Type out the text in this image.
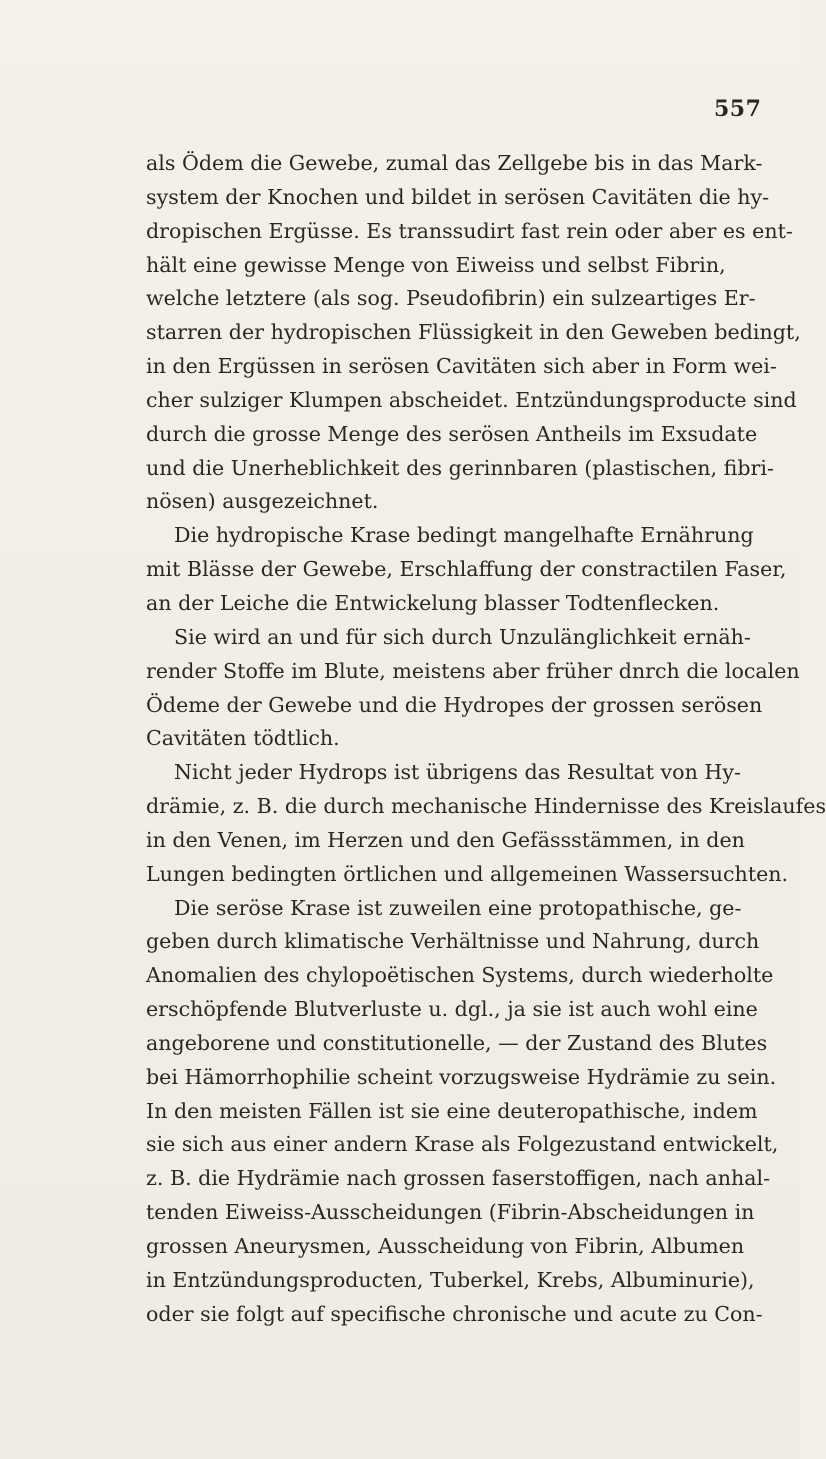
557
als Ödem die Gewebe, zumal das Zellgebe bis in das Mark-
system der Knochen und bildet in serösen Cavitäten die hy-
dropischen Ergüsse. Es transsudirt fast rein oder aber es ent-
hält eine gewisse Menge von Eiweiss und selbst Fibrin,
welche letztere (als sog. Pseudofibrin) ein sulzeartiges Er-
starren der hydropischen Flüssigkeit in den Geweben bedingt,
in den Ergüssen in serösen Cavitäten sich aber in Form wei-
cher sulziger Klumpen abscheidet. Entzündungsproducte sind
durch die grosse Menge des serösen Antheils im Exsudate
und die Unerheblichkeit des gerinnbaren (plastischen, fibri-
nösen) ausgezeichnet.
Die hydropische Krase bedingt mangelhafte Ernährung
mit Blässe der Gewebe, Erschlaffung der constractilen Faser,
an der Leiche die Entwickelung blasser Todtenflecken.
Sie wird an und für sich durch Unzulänglichkeit ernäh-
render Stoffe im Blute, meistens aber früher dnrch die localen
Ödeme der Gewebe und die Hydropes der grossen serösen
Cavitäten tödtlich.
Nicht jeder Hydrops ist übrigens das Resultat von Hy-
drämie, z. B. die durch mechanische Hindernisse des Kreislaufes
in den Venen, im Herzen und den Gefässstämmen, in den
Lungen bedingten örtlichen und allgemeinen Wassersuchten.
Die seröse Krase ist zuweilen eine protopathische, ge-
geben durch klimatische Verhältnisse und Nahrung, durch
Anomalien des chylopoëtischen Systems, durch wiederholte
erschöpfende Blutverluste u. dgl., ja sie ist auch wohl eine
angeborene und constitutionelle, — der Zustand des Blutes
bei Hämorrhophilie scheint vorzugsweise Hydrämie zu sein.
In den meisten Fällen ist sie eine deuteropathische, indem
sie sich aus einer andern Krase als Folgezustand entwickelt,
z. B. die Hydrämie nach grossen faserstoffigen, nach anhal-
tenden Eiweiss-Ausscheidungen (Fibrin-Abscheidungen in
grossen Aneurysmen, Ausscheidung von Fibrin, Albumen
in Entzündungsproducten, Tuberkel, Krebs, Albuminurie),
oder sie folgt auf specifische chronische und acute zu Con-
